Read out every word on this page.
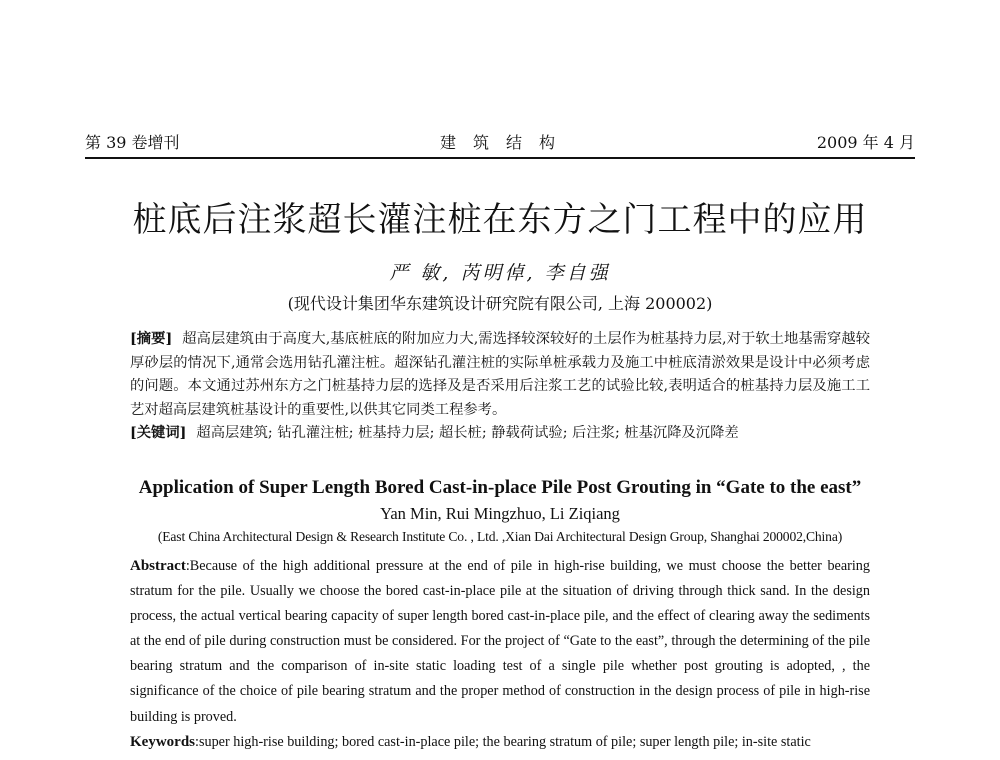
第 39 卷增刊	建筑结构	2009 年 4 月
桩底后注浆超长灌注桩在东方之门工程中的应用
严 敏, 芮明倬, 李自强
(现代设计集团华东建筑设计研究院有限公司, 上海 200002)

[摘要] 超高层建筑由于高度大,基底桩底的附加应力大,需选择较深较好的土层作为桩基持力层,对于软土地基需穿越较厚砂层的情况下,通常会选用钻孔灌注桩。超深钻孔灌注桩的实际单桩承载力及施工中桩底清淤效果是设计中必须考虑的问题。本文通过苏州东方之门桩基持力层的选择及是否采用后注浆工艺的试验比较,表明适合的桩基持力层及施工工艺对超高层建筑桩基设计的重要性,以供其它同类工程参考。

[关键词] 超高层建筑; 钻孔灌注桩; 桩基持力层; 超长桩; 静载荷试验; 后注浆; 桩基沉降及沉降差

Application of Super Length Bored Cast-in-place Pile Post Grouting in “Gate to the east”
Yan Min, Rui Mingzhuo, Li Ziqiang
(East China Architectural Design & Research Institute Co. , Ltd. ,Xian Dai Architectural Design Group, Shanghai 200002,China)

Abstract:Because of the high additional pressure at the end of pile in high-rise building, we must choose the better bearing stratum for the pile. Usually we choose the bored cast-in-place pile at the situation of driving through thick sand. In the design process, the actual vertical bearing capacity of super length bored cast-in-place pile, and the effect of clearing away the sediments at the end of pile during construction must be considered. For the project of “Gate to the east”, through the determining of the pile bearing stratum and the comparison of in-site static loading test of a single pile whether post grouting is adopted, , the significance of the choice of pile bearing stratum and the proper method of construction in the design process of pile in high-rise building is proved.

Keywords:super high-rise building; bored cast-in-place pile; the bearing stratum of pile; super length pile; in-site static
